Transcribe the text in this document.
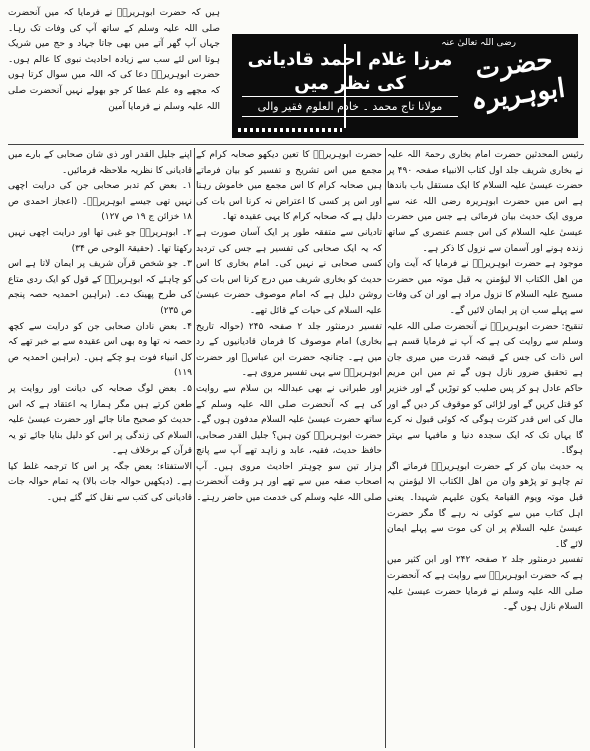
رضی اللہ تعالیٰ عنہ
حضرت ابوہریرہ
مرزا غلام احمد قادیانی کی نظر میں
مولانا تاج محمد ۔ خادم العلوم فقیر والی

ہیں کہ حضرت ابوہریرہؓ نے فرمایا کہ میں آنحضرت صلی اللہ علیہ وسلم کے ساتھ آپ کی وفات تک رہا۔ جہاں آپ گھر آتے میں بھی جاتا جہاد و حج میں شریک ہوتا اس لئے سب سے زیادہ احادیث نبوی کا عالم ہوں۔ حضرت ابوہریرہؓ دعا کی کہ اللہ میں سوال کرتا ہوں کہ مجھے وہ علم عطا کر جو بھولے نہیں آنحضرت صلی اللہ علیہ وسلم نے فرمایا آمین

رئیس المحدثین حضرت امام بخاری رحمۃ اللہ علیہ نے بخاری شریف جلد اول کتاب الانبیاء صفحہ ۴۹۰ پر حضرت عیسیٰ علیہ السلام کا ایک مستقل باب باندھا ہے اس میں حضرت ابوہریرہ رضی اللہ عنہ سے مروی ایک حدیث بیان فرمائی ہے جس میں حضرت عیسیٰ علیہ السلام کی اس جسم عنصری کے ساتھ زندہ ہونے اور آسمان سے نزول کا ذکر ہے۔

موجود ہے حضرت ابوہریرہؓ نے فرمایا کہ آیت وان من اھل الکتاب الا لیؤمنن بہ قبل موتہ میں حضرت مسیح علیہ السلام کا نزول مراد ہے اور ان کی وفات سے پہلے سب ان پر ایمان لائیں گے۔

تنقیح: حضرت ابوہریرہؓ نے آنحضرت صلی اللہ علیہ وسلم سے روایت کی ہے کہ آپ نے فرمایا قسم ہے اس ذات کی جس کے قبضہ قدرت میں میری جان ہے تحقیق ضرور نازل ہوں گے تم میں ابن مریم حاکم عادل ہو کر پس صلیب کو توڑیں گے اور خنزیر کو قتل کریں گے اور لڑائی کو موقوف کر دیں گے اور مال کی اس قدر کثرت ہوگی کہ کوئی قبول نہ کرے گا یہاں تک کہ ایک سجدہ دنیا و مافیہا سے بہتر ہوگا۔

یہ حدیث بیان کر کے حضرت ابوہریرہؓ فرماتے اگر تم چاہو تو پڑھو وان من اھل الکتاب الا لیؤمنن بہ قبل موتہ ویوم القیامۃ یکون علیہم شہیدا۔ یعنی اہل کتاب میں سے کوئی نہ رہے گا مگر حضرت عیسیٰ علیہ السلام پر ان کی موت سے پہلے ایمان لائے گا۔

تفسیر درمنثور جلد ۲ صفحہ ۲۴۲ اور ابن کثیر میں ہے کہ حضرت ابوہریرہؓ سے روایت ہے کہ آنحضرت صلی اللہ علیہ وسلم نے فرمایا حضرت عیسیٰ علیہ السلام نازل ہوں گے۔

حضرت ابوہریرہؓ کا تعین دیکھو صحابہ کرام کے مجمع میں اس تشریح و تفسیر کو بیان فرماتے ہیں صحابہ کرام کا اس مجمع میں خاموش رہنا اور اس پر کسی کا اعتراض نہ کرنا اس بات کی دلیل ہے کہ صحابہ کرام کا یہی عقیدہ تھا۔

تادیانی سے متفقہ طور پر ایک آسان صورت ہے کہ یہ ایک صحابی کی تفسیر ہے جس کی تردید کسی صحابی نے نہیں کی۔ امام بخاری کا اس حدیث کو بخاری شریف میں درج کرنا اس بات کی روشن دلیل ہے کہ امام موصوف حضرت عیسیٰ علیہ السلام کی حیات کے قائل تھے۔

تفسیر درمنثور جلد ۲ صفحہ ۲۴۵ (حوالہ تاریخ بخاری) امام موصوف کا فرمان قادیانیوں کے رد میں ہے۔ چنانچہ حضرت ابن عباسؓ اور حضرت ابوہریرہؓ سے یہی تفسیر مروی ہے۔

اور طبرانی نے بھی عبداللہ بن سلام سے روایت کی ہے کہ آنحضرت صلی اللہ علیہ وسلم کے ساتھ حضرت عیسیٰ علیہ السلام مدفون ہوں گے۔

حضرت ابوہریرہؓ کون ہیں؟ جلیل القدر صحابی، حافظ حدیث، فقیہ، عابد و زاہد تھے آپ سے پانچ ہزار تین سو چوہتر احادیث مروی ہیں۔ آپ اصحاب صفہ میں سے تھے اور ہر وقت آنحضرت صلی اللہ علیہ وسلم کی خدمت میں حاضر رہتے۔

اپنے جلیل القدر اور ذی شان صحابی کے بارے میں قادیانی کا نظریہ ملاحظہ فرمائیں۔

۱۔ بعض کم تدبر صحابی جن کی درایت اچھی نہیں تھی جیسے ابوہریرہؓ۔ (اعجاز احمدی ص ۱۸ خزائن ج ۱۹ ص ۱۲۷)

۲۔ ابوہریرہؓ جو غبی تھا اور درایت اچھی نہیں رکھتا تھا۔ (حقیقۃ الوحی ص ۳۴)

۳۔ جو شخص قرآن شریف پر ایمان لاتا ہے اس کو چاہئے کہ ابوہریرہؓ کے قول کو ایک ردی متاع کی طرح پھینک دے۔ (براہین احمدیہ حصہ پنجم ص ۲۳۵)

۴۔ بعض نادان صحابی جن کو درایت سے کچھ حصہ نہ تھا وہ بھی اس عقیدہ سے بے خبر تھے کہ کل انبیاء فوت ہو چکے ہیں۔ (براہین احمدیہ ص ۱۱۹)

۵۔ بعض لوگ صحابہ کی دیانت اور روایت پر طعن کرتے ہیں مگر ہمارا یہ اعتقاد ہے کہ اس حدیث کو صحیح مانا جائے اور حضرت عیسیٰ علیہ السلام کی زندگی پر اس کو دلیل بنایا جائے تو یہ قرآن کے برخلاف ہے۔

الاستفتاء: بعض جگہ پر اس کا ترجمہ غلط کیا ہے۔ (دیکھیں حوالہ جات بالا) یہ تمام حوالہ جات قادیانی کی کتب سے نقل کئے گئے ہیں۔
